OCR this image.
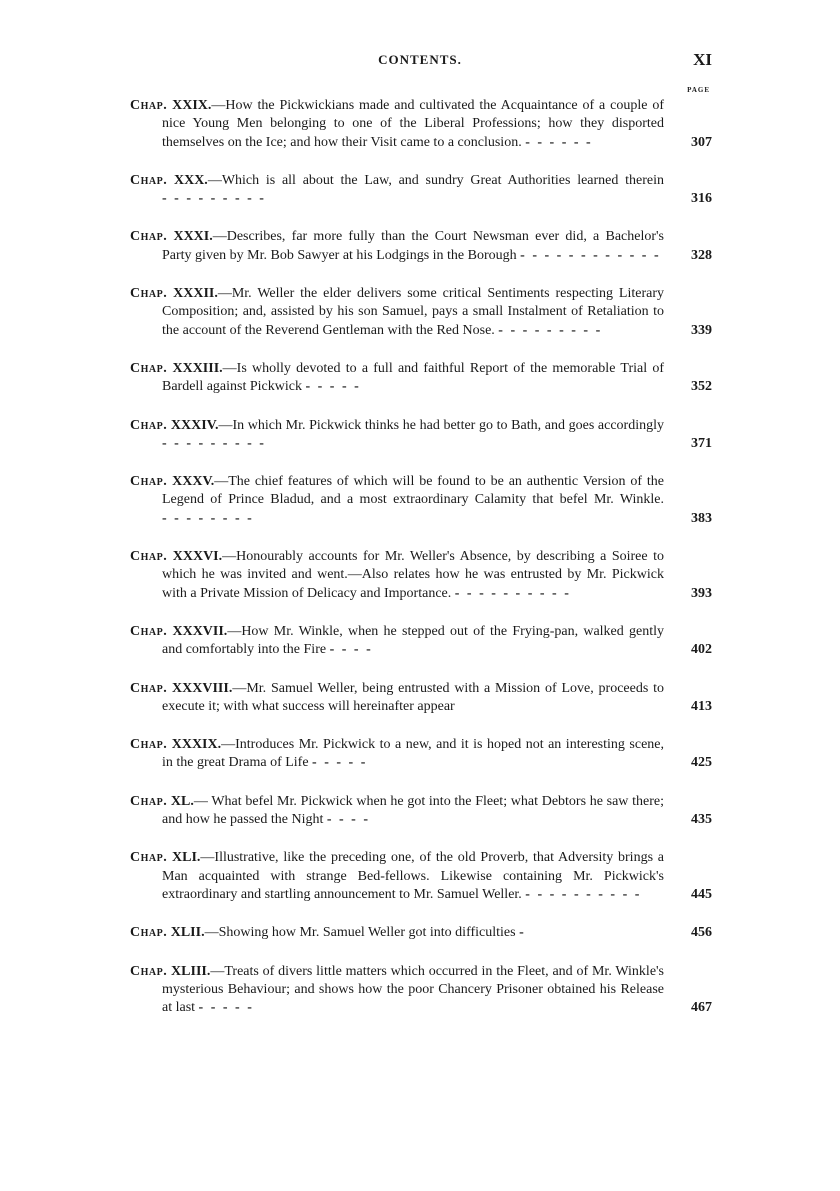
CONTENTS.	XI
PAGE
Chap. XXIX.—How the Pickwickians made and cultivated the Acquaintance of a couple of nice Young Men belonging to one of the Liberal Professions; how they disported themselves on the Ice; and how their Visit came to a conclusion. - - - - - -	307
Chap. XXX.—Which is all about the Law, and sundry Great Authorities learned therein - - - - - - - - -	316
Chap. XXXI.—Describes, far more fully than the Court Newsman ever did, a Bachelor's Party given by Mr. Bob Sawyer at his Lodgings in the Borough - - - - - - - - - - - -	328
Chap. XXXII.—Mr. Weller the elder delivers some critical Sentiments respecting Literary Composition; and, assisted by his son Samuel, pays a small Instalment of Retaliation to the account of the Reverend Gentleman with the Red Nose. - - - - - - - - -	339
Chap. XXXIII.—Is wholly devoted to a full and faithful Report of the memorable Trial of Bardell against Pickwick - - - - -	352
Chap. XXXIV.—In which Mr. Pickwick thinks he had better go to Bath, and goes accordingly - - - - - - - - -	371
Chap. XXXV.—The chief features of which will be found to be an authentic Version of the Legend of Prince Bladud, and a most extraordinary Calamity that befel Mr. Winkle. - - - - - - - -	383
Chap. XXXVI.—Honourably accounts for Mr. Weller's Absence, by describing a Soiree to which he was invited and went.—Also relates how he was entrusted by Mr. Pickwick with a Private Mission of Delicacy and Importance. - - - - - - - - - -	393
Chap. XXXVII.—How Mr. Winkle, when he stepped out of the Frying-pan, walked gently and comfortably into the Fire - - - -	402
Chap. XXXVIII.—Mr. Samuel Weller, being entrusted with a Mission of Love, proceeds to execute it; with what success will hereinafter appear	413
Chap. XXXIX.—Introduces Mr. Pickwick to a new, and it is hoped not an interesting scene, in the great Drama of Life - - - - -	425
Chap. XL.— What befel Mr. Pickwick when he got into the Fleet; what Debtors he saw there; and how he passed the Night - - - -	435
Chap. XLI.—Illustrative, like the preceding one, of the old Proverb, that Adversity brings a Man acquainted with strange Bed-fellows. Likewise containing Mr. Pickwick's extraordinary and startling announcement to Mr. Samuel Weller. - - - - - - - - - -	445
Chap. XLII.—Showing how Mr. Samuel Weller got into difficulties -	456
Chap. XLIII.—Treats of divers little matters which occurred in the Fleet, and of Mr. Winkle's mysterious Behaviour; and shows how the poor Chancery Prisoner obtained his Release at last - - - - -	467
